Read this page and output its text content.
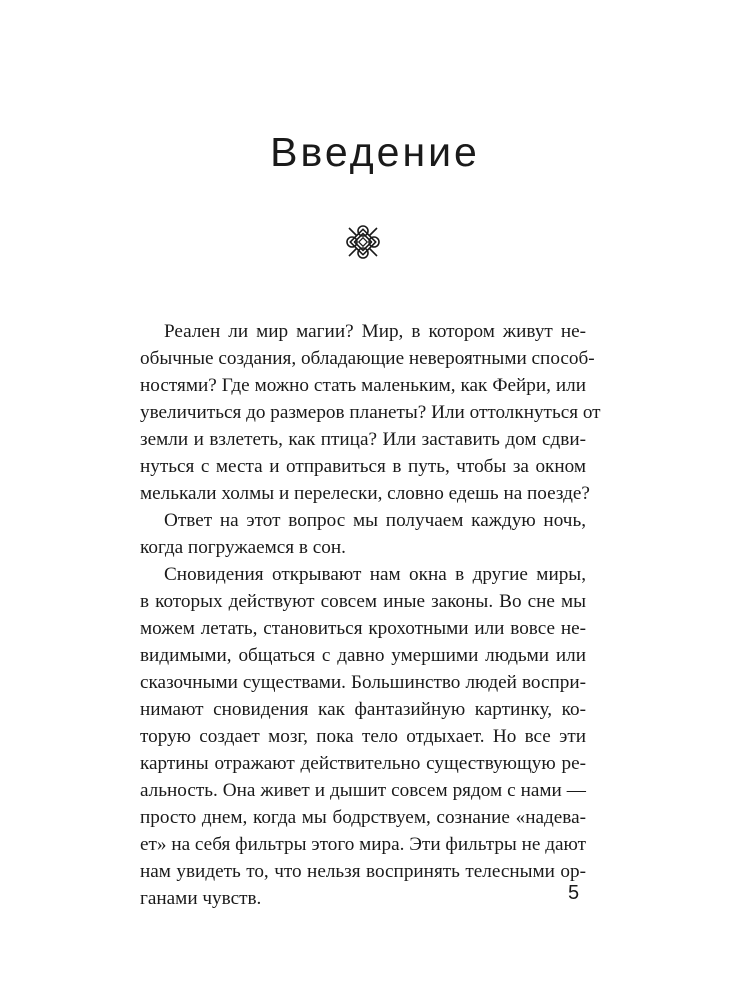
Введение
Реален ли мир магии? Мир, в котором живут не-
обычные создания, обладающие невероятными способ-
ностями? Где можно стать маленьким, как Фейри, или
увеличиться до размеров планеты? Или оттолкнуться от
земли и взлететь, как птица? Или заставить дом сдви-
нуться с места и отправиться в путь, чтобы за окном
мелькали холмы и перелески, словно едешь на поезде?
Ответ на этот вопрос мы получаем каждую ночь,
когда погружаемся в сон.
Сновидения открывают нам окна в другие миры,
в которых действуют совсем иные законы. Во сне мы
можем летать, становиться крохотными или вовсе не-
видимыми, общаться с давно умершими людьми или
сказочными существами. Большинство людей воспри-
нимают сновидения как фантазийную картинку, ко-
торую создает мозг, пока тело отдыхает. Но все эти
картины отражают действительно существующую ре-
альность. Она живет и дышит совсем рядом с нами —
просто днем, когда мы бодрствуем, сознание «надева-
ет» на себя фильтры этого мира. Эти фильтры не дают
нам увидеть то, что нельзя воспринять телесными ор-
ганами чувств.	5
